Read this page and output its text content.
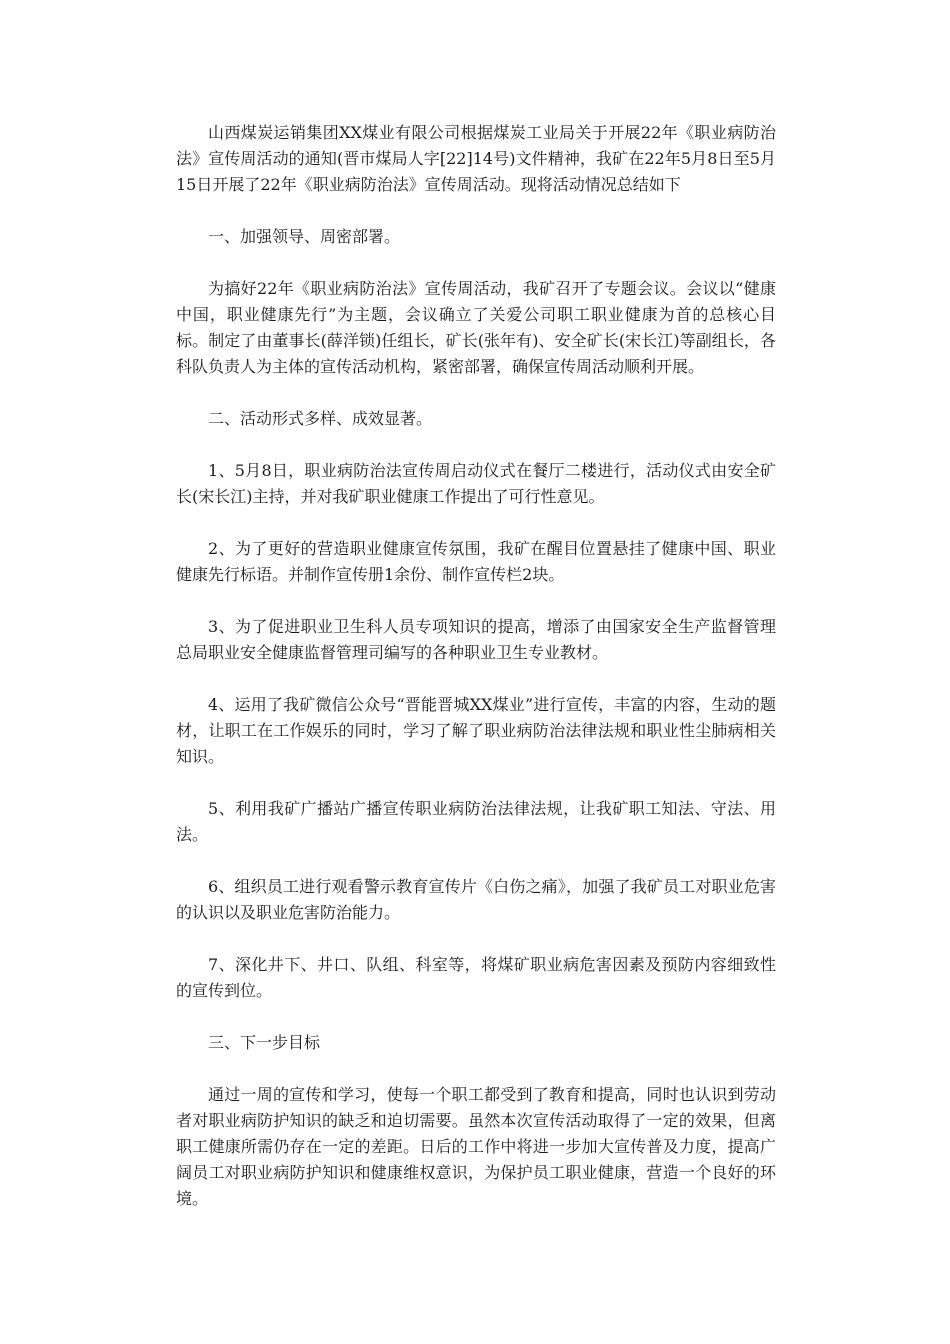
山西煤炭运销集团XX煤业有限公司根据煤炭工业局关于开展22年《职业病防治法》宣传周活动的通知(晋市煤局人字[22]14号)文件精神，我矿在22年5月8日至5月15日开展了22年《职业病防治法》宣传周活动。现将活动情况总结如下

一、加强领导、周密部署。

为搞好22年《职业病防治法》宣传周活动，我矿召开了专题会议。会议以“健康中国，职业健康先行”为主题，会议确立了关爱公司职工职业健康为首的总核心目标。制定了由董事长(薛洋锁)任组长，矿长(张年有)、安全矿长(宋长江)等副组长，各科队负责人为主体的宣传活动机构，紧密部署，确保宣传周活动顺利开展。

二、活动形式多样、成效显著。

1、5月8日，职业病防治法宣传周启动仪式在餐厅二楼进行，活动仪式由安全矿长(宋长江)主持，并对我矿职业健康工作提出了可行性意见。

2、为了更好的营造职业健康宣传氛围，我矿在醒目位置悬挂了健康中国、职业健康先行标语。并制作宣传册1余份、制作宣传栏2块。

3、为了促进职业卫生科人员专项知识的提高，增添了由国家安全生产监督管理总局职业安全健康监督管理司编写的各种职业卫生专业教材。

4、运用了我矿微信公众号“晋能晋城XX煤业”进行宣传，丰富的内容，生动的题材，让职工在工作娱乐的同时，学习了解了职业病防治法律法规和职业性尘肺病相关知识。

5、利用我矿广播站广播宣传职业病防治法律法规，让我矿职工知法、守法、用法。

6、组织员工进行观看警示教育宣传片《白伤之痛》，加强了我矿员工对职业危害的认识以及职业危害防治能力。

7、深化井下、井口、队组、科室等，将煤矿职业病危害因素及预防内容细致性的宣传到位。

三、下一步目标

通过一周的宣传和学习，使每一个职工都受到了教育和提高，同时也认识到劳动者对职业病防护知识的缺乏和迫切需要。虽然本次宣传活动取得了一定的效果，但离职工健康所需仍存在一定的差距。日后的工作中将进一步加大宣传普及力度，提高广阔员工对职业病防护知识和健康维权意识，为保护员工职业健康，营造一个良好的环境。
